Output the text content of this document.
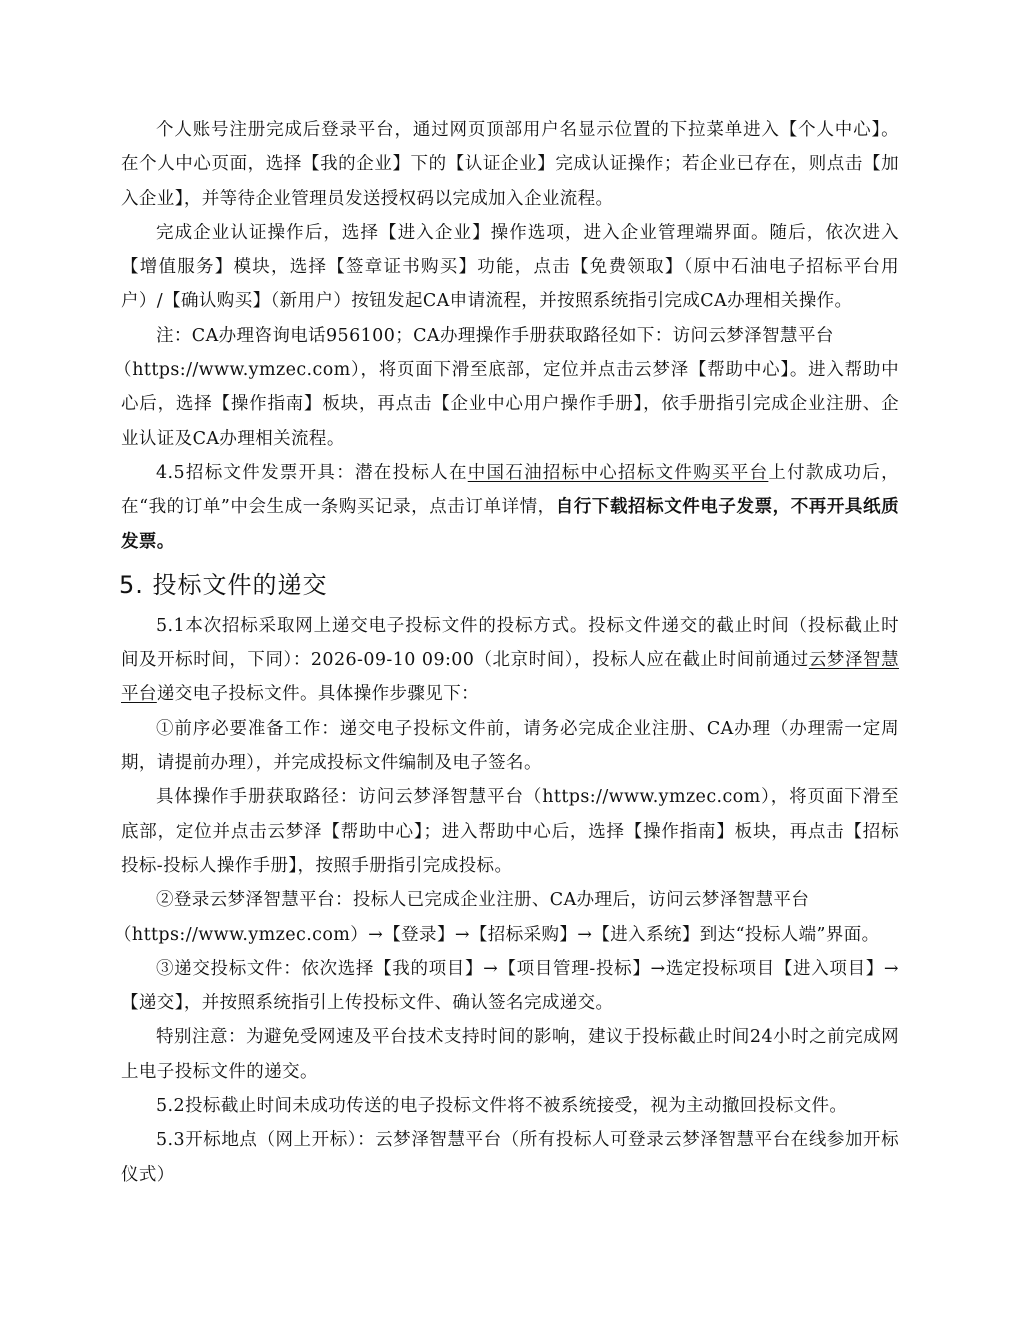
个人账号注册完成后登录平台，通过网页顶部用户名显示位置的下拉菜单进入【个人中心】。在个人中心页面，选择【我的企业】下的【认证企业】完成认证操作；若企业已存在，则点击【加入企业】，并等待企业管理员发送授权码以完成加入企业流程。

完成企业认证操作后，选择【进入企业】操作选项，进入企业管理端界面。随后，依次进入【增值服务】模块，选择【签章证书购买】功能，点击【免费领取】（原中石油电子招标平台用户）/【确认购买】（新用户）按钮发起CA申请流程，并按照系统指引完成CA办理相关操作。

注：CA办理咨询电话956100；CA办理操作手册获取路径如下：访问云梦泽智慧平台

（https://www.ymzec.com），将页面下滑至底部，定位并点击云梦泽【帮助中心】。进入帮助中心后，选择【操作指南】板块，再点击【企业中心用户操作手册】，依手册指引完成企业注册、企业认证及CA办理相关流程。

4.5招标文件发票开具：潜在投标人在中国石油招标中心招标文件购买平台上付款成功后，在“我的订单”中会生成一条购买记录，点击订单详情，自行下载招标文件电子发票，不再开具纸质发票。

5. 投标文件的递交

5.1本次招标采取网上递交电子投标文件的投标方式。投标文件递交的截止时间（投标截止时间及开标时间，下同）：2026-09-10 09:00（北京时间），投标人应在截止时间前通过云梦泽智慧平台递交电子投标文件。具体操作步骤见下：

①前序必要准备工作：递交电子投标文件前，请务必完成企业注册、CA办理（办理需一定周期，请提前办理），并完成投标文件编制及电子签名。

具体操作手册获取路径：访问云梦泽智慧平台（https://www.ymzec.com），将页面下滑至底部，定位并点击云梦泽【帮助中心】；进入帮助中心后，选择【操作指南】板块，再点击【招标投标-投标人操作手册】，按照手册指引完成投标。

②登录云梦泽智慧平台：投标人已完成企业注册、CA办理后，访问云梦泽智慧平台

（https://www.ymzec.com）→【登录】→【招标采购】→【进入系统】到达“投标人端”界面。

③递交投标文件：依次选择【我的项目】→【项目管理-投标】→选定投标项目【进入项目】→【递交】，并按照系统指引上传投标文件、确认签名完成递交。

特别注意：为避免受网速及平台技术支持时间的影响，建议于投标截止时间24小时之前完成网上电子投标文件的递交。

5.2投标截止时间未成功传送的电子投标文件将不被系统接受，视为主动撤回投标文件。

5.3开标地点（网上开标）：云梦泽智慧平台（所有投标人可登录云梦泽智慧平台在线参加开标仪式）
